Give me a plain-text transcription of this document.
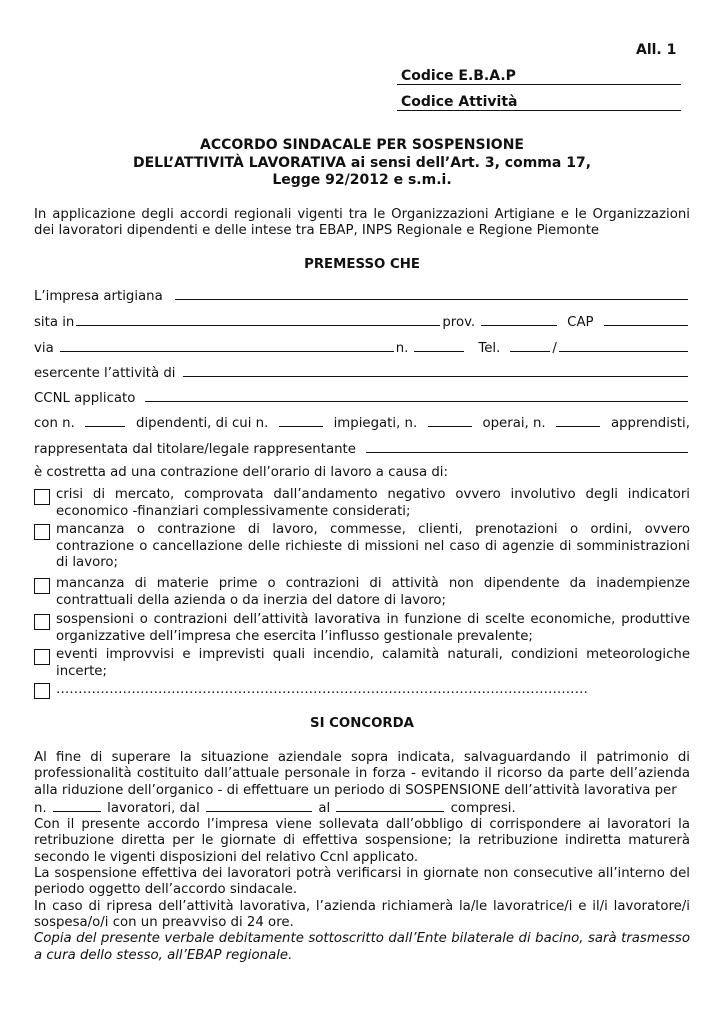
All. 1
Codice E.B.A.P
Codice Attività
ACCORDO SINDACALE PER SOSPENSIONE
DELL’ATTIVITÀ LAVORATIVA ai sensi dell’Art. 3, comma 17,
Legge 92/2012 e s.m.i.

In applicazione degli accordi regionali vigenti tra le Organizzazioni Artigiane e le Organizzazioni dei lavoratori dipendenti e delle intese tra EBAP, INPS Regionale e Regione Piemonte

PREMESSO CHE
L’impresa artigiana
sita in	prov.	CAP
via	n.	Tel.	/
esercente l’attività di
CCNL applicato
con n.	dipendenti, di cui n.	impiegati, n.	operai, n.	apprendisti,
rappresentata dal titolare/legale rappresentante
è costretta ad una contrazione dell’orario di lavoro a causa di:
crisi di mercato, comprovata dall’andamento negativo ovvero involutivo degli indicatori economico -finanziari complessivamente considerati;
mancanza o contrazione di lavoro, commesse, clienti, prenotazioni o ordini, ovvero contrazione o cancellazione delle richieste di missioni nel caso di agenzie di somministrazioni di lavoro;
mancanza di materie prime o contrazioni di attività non dipendente da inadempienze contrattuali della azienda o da inerzia del datore di lavoro;
sospensioni o contrazioni dell’attività lavorativa in funzione di scelte economiche, produttive organizzative dell’impresa che esercita l’influsso gestionale prevalente;
eventi improvvisi e imprevisti quali incendio, calamità naturali, condizioni meteorologiche incerte;
…………………………………………………………………………………………………………
SI CONCORDA

Al fine di superare la situazione aziendale sopra indicata, salvaguardando il patrimonio di professionalità costituito dall’attuale personale in forza - evitando il ricorso da parte dell’azienda alla riduzione dell’organico - di effettuare un periodo di SOSPENSIONE dell’attività lavorativa per

n.	lavoratori, dal	al	compresi.

Con il presente accordo l’impresa viene sollevata dall’obbligo di corrispondere ai lavoratori la retribuzione diretta per le giornate di effettiva sospensione; la retribuzione indiretta maturerà secondo le vigenti disposizioni del relativo Ccnl applicato.

La sospensione effettiva dei lavoratori potrà verificarsi in giornate non consecutive all’interno del periodo oggetto dell’accordo sindacale.

In caso di ripresa dell’attività lavorativa, l’azienda richiamerà la/le lavoratrice/i e il/i lavoratore/i sospesa/o/i con un preavviso di 24 ore.

Copia del presente verbale debitamente sottoscritto dall’Ente bilaterale di bacino, sarà trasmesso a cura dello stesso, all’EBAP regionale.
